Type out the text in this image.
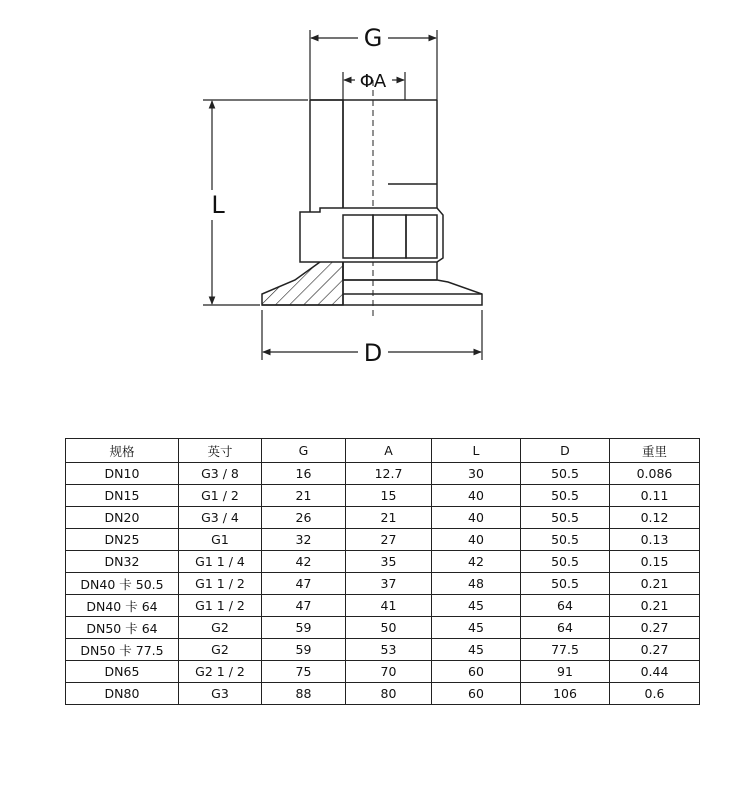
G
ΦA
L
D
规格	英寸	G	A	L	D	重里
DN10	G3 / 8	16	12.7	30	50.5	0.086
DN15	G1 / 2	21	15	40	50.5	0.11
DN20	G3 / 4	26	21	40	50.5	0.12
DN25	G1	32	27	40	50.5	0.13
DN32	G1 1 / 4	42	35	42	50.5	0.15
DN40 卡 50.5	G1 1 / 2	47	37	48	50.5	0.21
DN40 卡 64	G1 1 / 2	47	41	45	64	0.21
DN50 卡 64	G2	59	50	45	64	0.27
DN50 卡 77.5	G2	59	53	45	77.5	0.27
DN65	G2 1 / 2	75	70	60	91	0.44
DN80	G3	88	80	60	106	0.6
